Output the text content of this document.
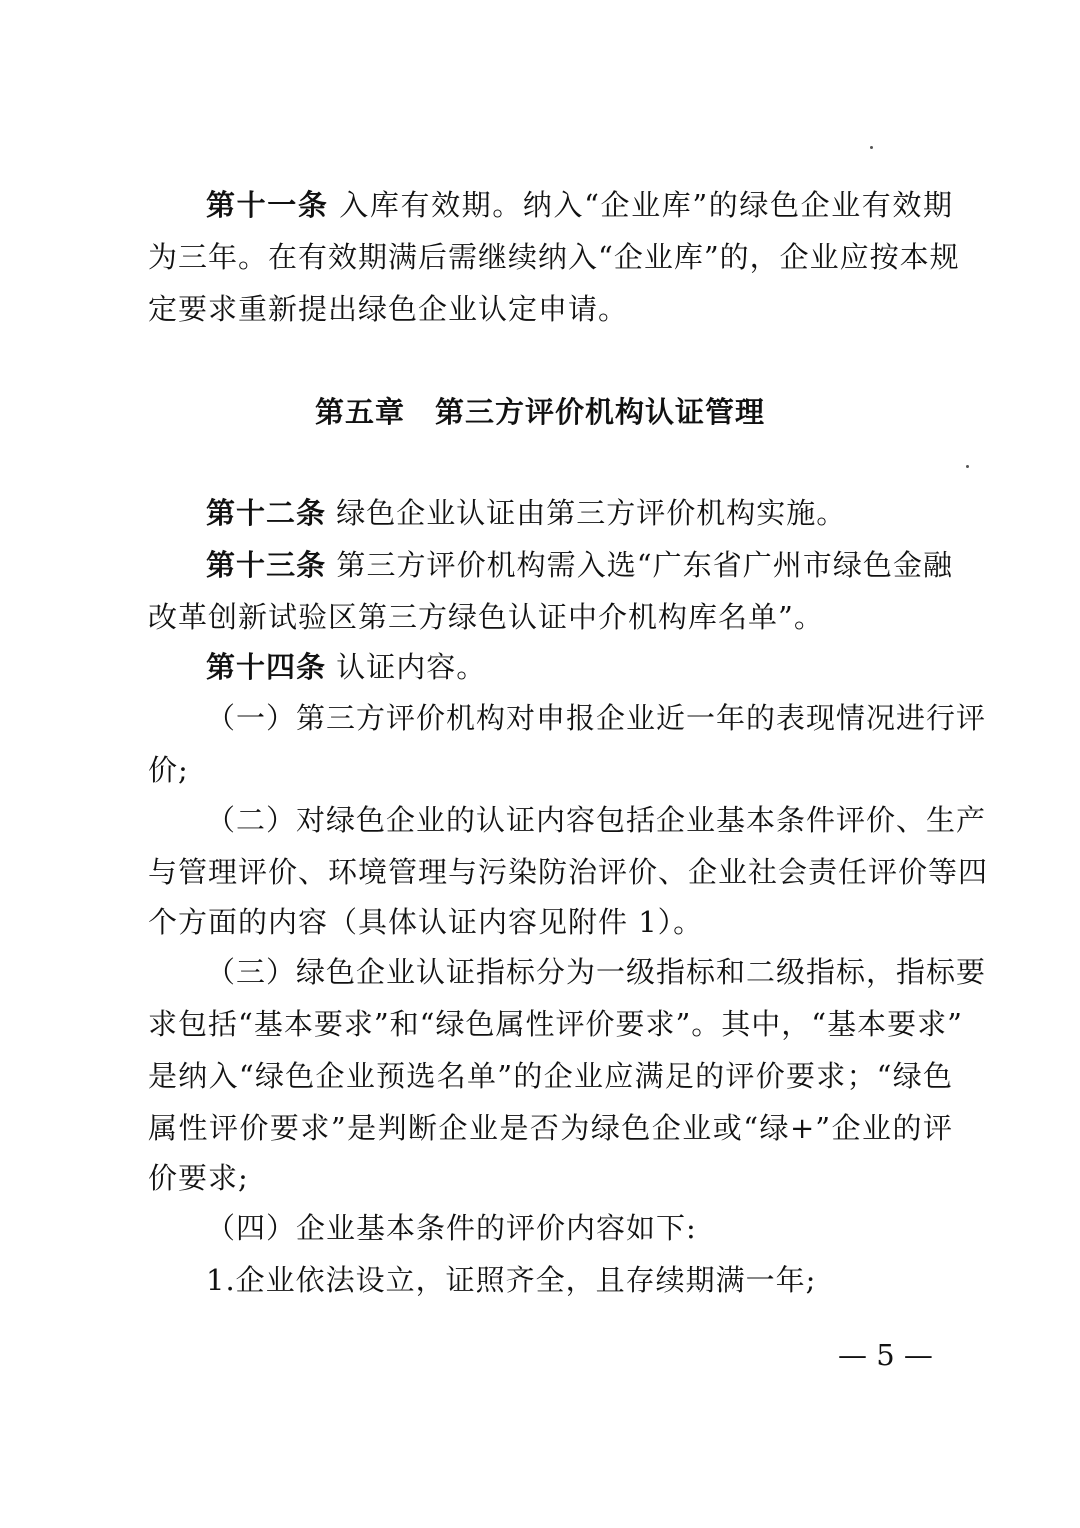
第十一条 入库有效期。纳入“企业库”的绿色企业有效期
为三年。在有效期满后需继续纳入“企业库”的，企业应按本规
定要求重新提出绿色企业认定申请。
第五章　第三方评价机构认证管理
第十二条 绿色企业认证由第三方评价机构实施。
第十三条 第三方评价机构需入选“广东省广州市绿色金融
改革创新试验区第三方绿色认证中介机构库名单”。
第十四条 认证内容。
（一）第三方评价机构对申报企业近一年的表现情况进行评
价;
（二）对绿色企业的认证内容包括企业基本条件评价、生产
与管理评价、环境管理与污染防治评价、企业社会责任评价等四
个方面的内容（具体认证内容见附件 1）。
（三）绿色企业认证指标分为一级指标和二级指标，指标要
求包括“基本要求”和“绿色属性评价要求”。其中，“基本要求”
是纳入“绿色企业预选名单”的企业应满足的评价要求；“绿色
属性评价要求”是判断企业是否为绿色企业或“绿+”企业的评
价要求;
（四）企业基本条件的评价内容如下:
1.企业依法设立，证照齐全，且存续期满一年;
— 5 —
